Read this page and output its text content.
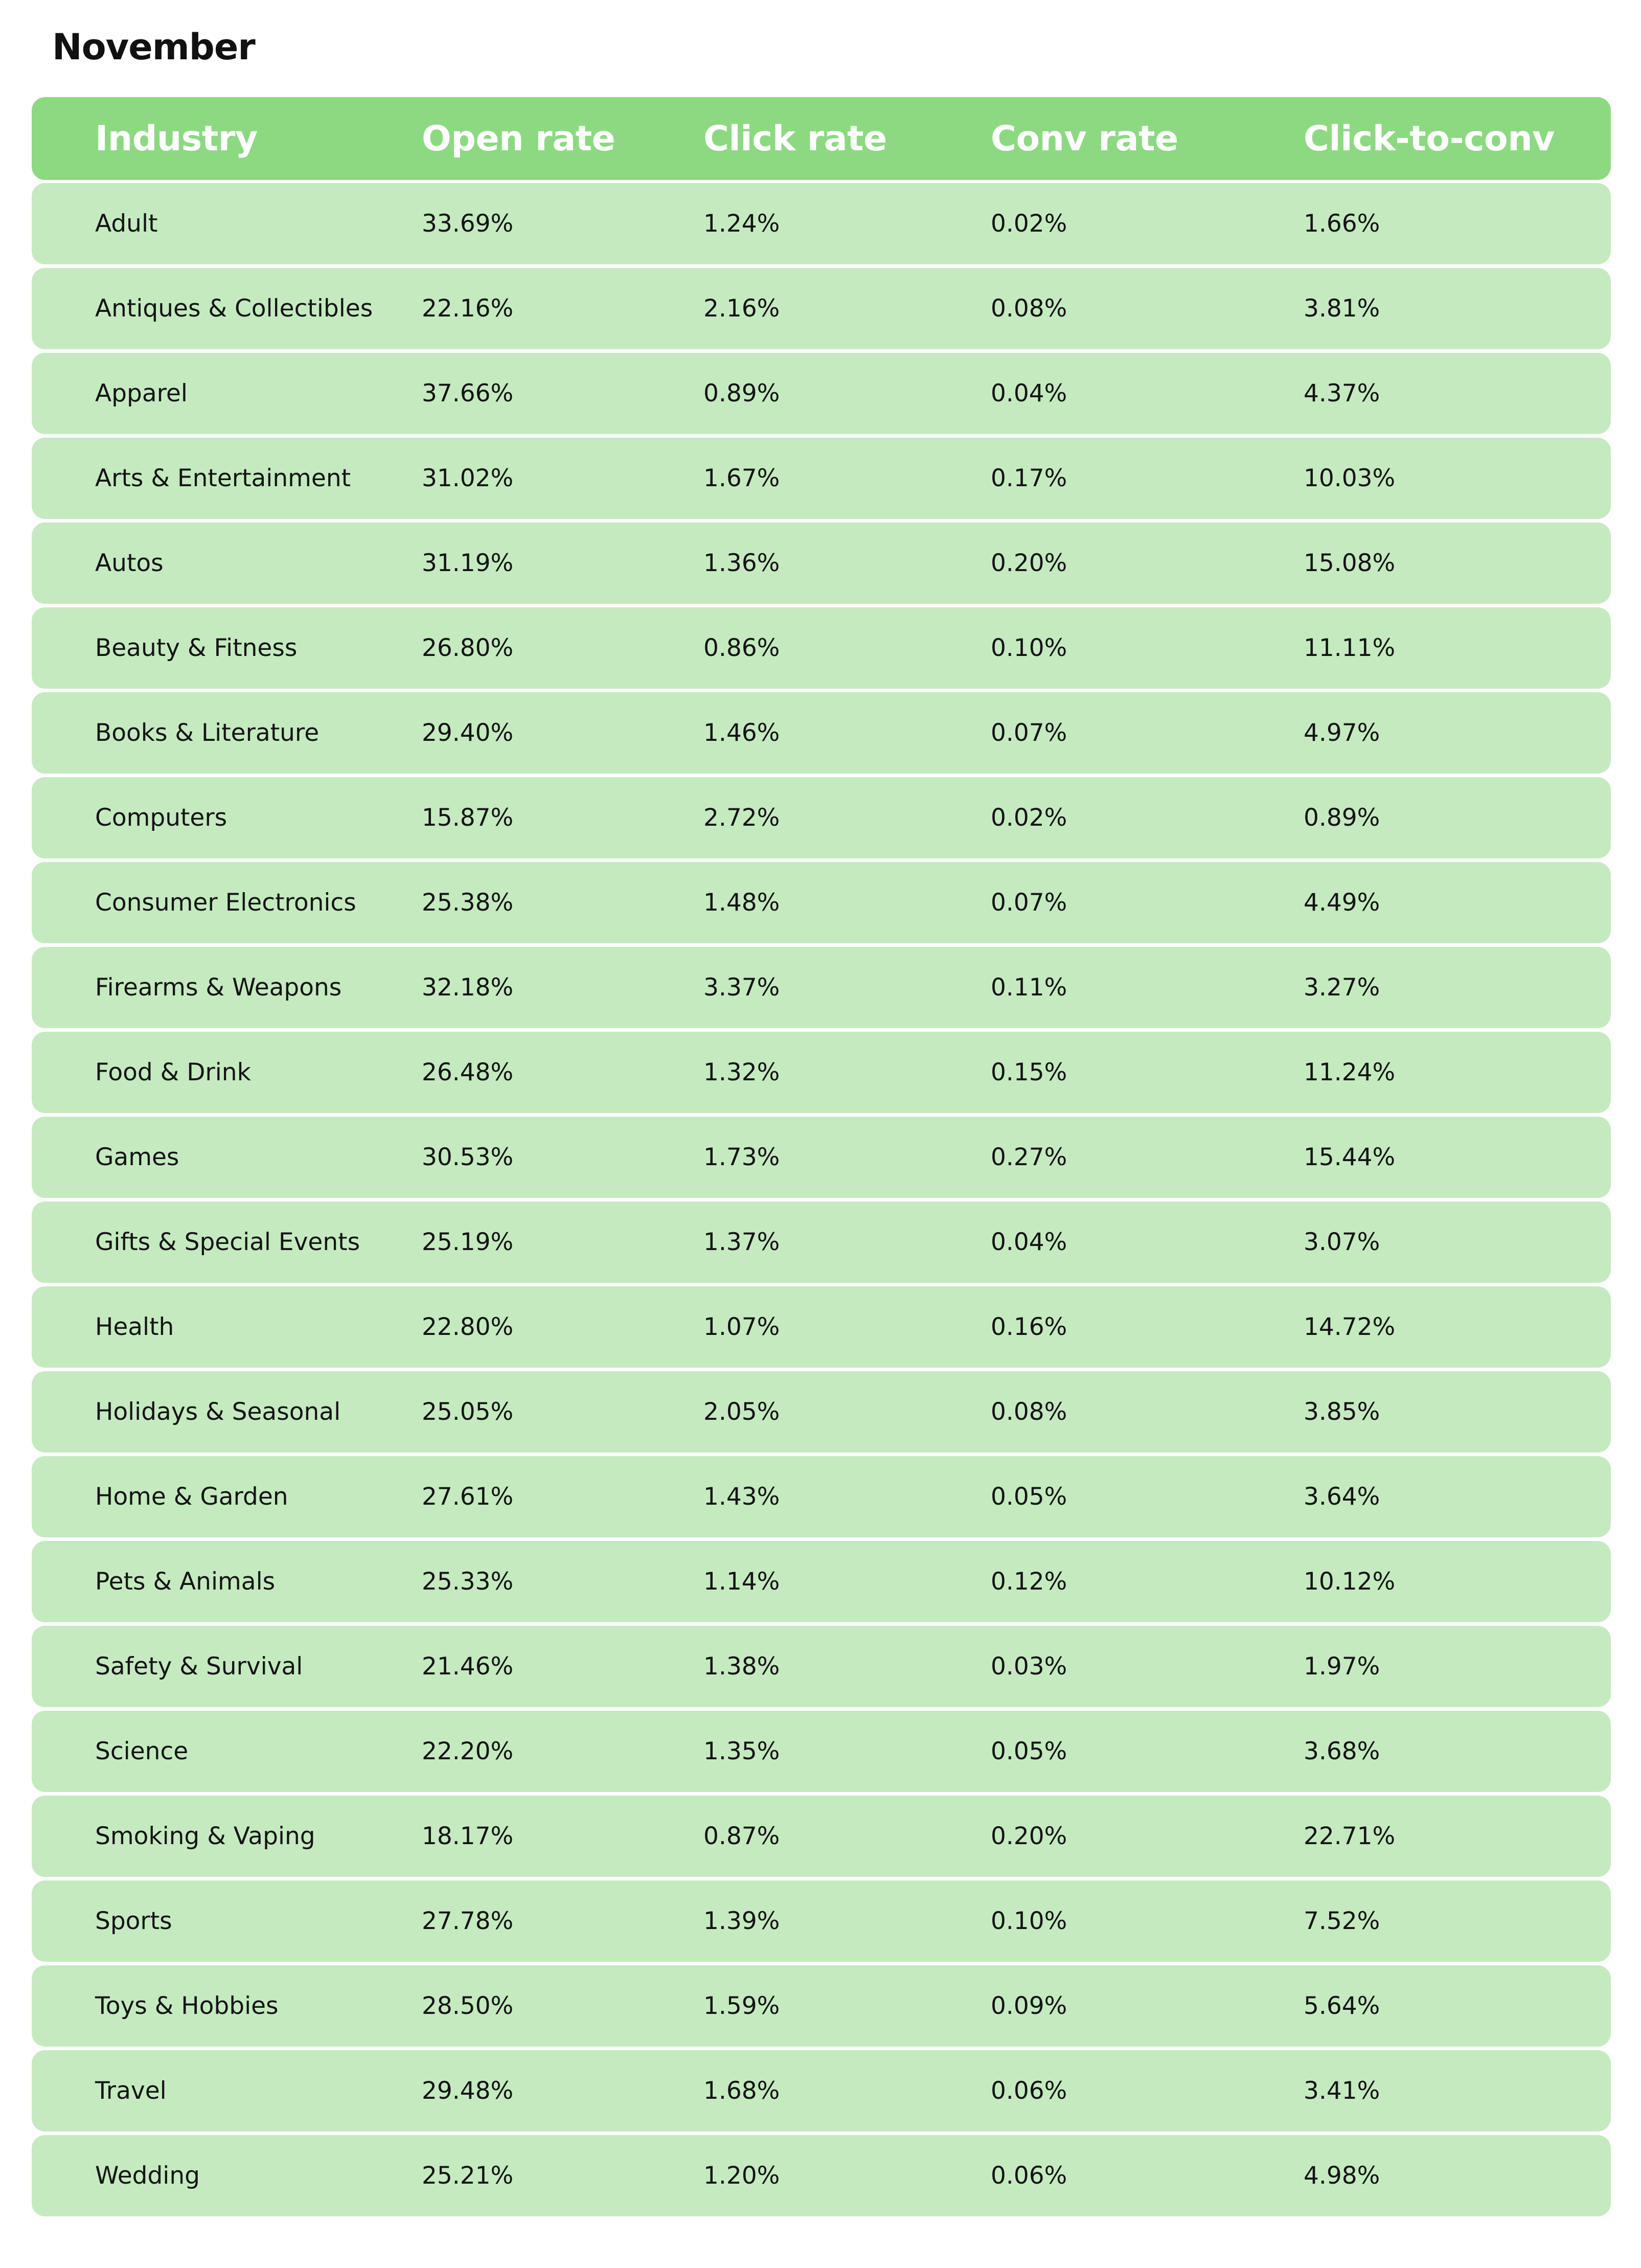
November
Industry	Open rate	Click rate	Conv rate	Click-to-conv
Adult	33.69%	1.24%	0.02%	1.66%
Antiques & Collectibles 22.16%	2.16%	0.08%	3.81%
Apparel	37.66%	0.89%	0.04%	4.37%
Arts & Entertainment	31.02%	1.67%	0.17%	10.03%
Autos	31.19%	1.36%	0.20%	15.08%
Beauty & Fitness	26.80%	0.86%	0.10%	11.11%
Books & Literature	29.40%	1.46%	0.07%	4.97%
Computers	15.87%	2.72%	0.02%	0.89%
Consumer Electronics	25.38%	1.48%	0.07%	4.49%
Firearms & Weapons	32.18%	3.37%	0.11%	3.27%
Food & Drink	26.48%	1.32%	0.15%	11.24%
Games	30.53%	1.73%	0.27%	15.44%
Gifts & Special Events	25.19%	1.37%	0.04%	3.07%
Health	22.80%	1.07%	0.16%	14.72%
Holidays & Seasonal	25.05%	2.05%	0.08%	3.85%
Home & Garden	27.61%	1.43%	0.05%	3.64%
Pets & Animals	25.33%	1.14%	0.12%	10.12%
Safety & Survival	21.46%	1.38%	0.03%	1.97%
Science	22.20%	1.35%	0.05%	3.68%
Smoking & Vaping	18.17%	0.87%	0.20%	22.71%
Sports	27.78%	1.39%	0.10%	7.52%
Toys & Hobbies	28.50%	1.59%	0.09%	5.64%
Travel	29.48%	1.68%	0.06%	3.41%
Wedding	25.21%	1.20%	0.06%	4.98%
